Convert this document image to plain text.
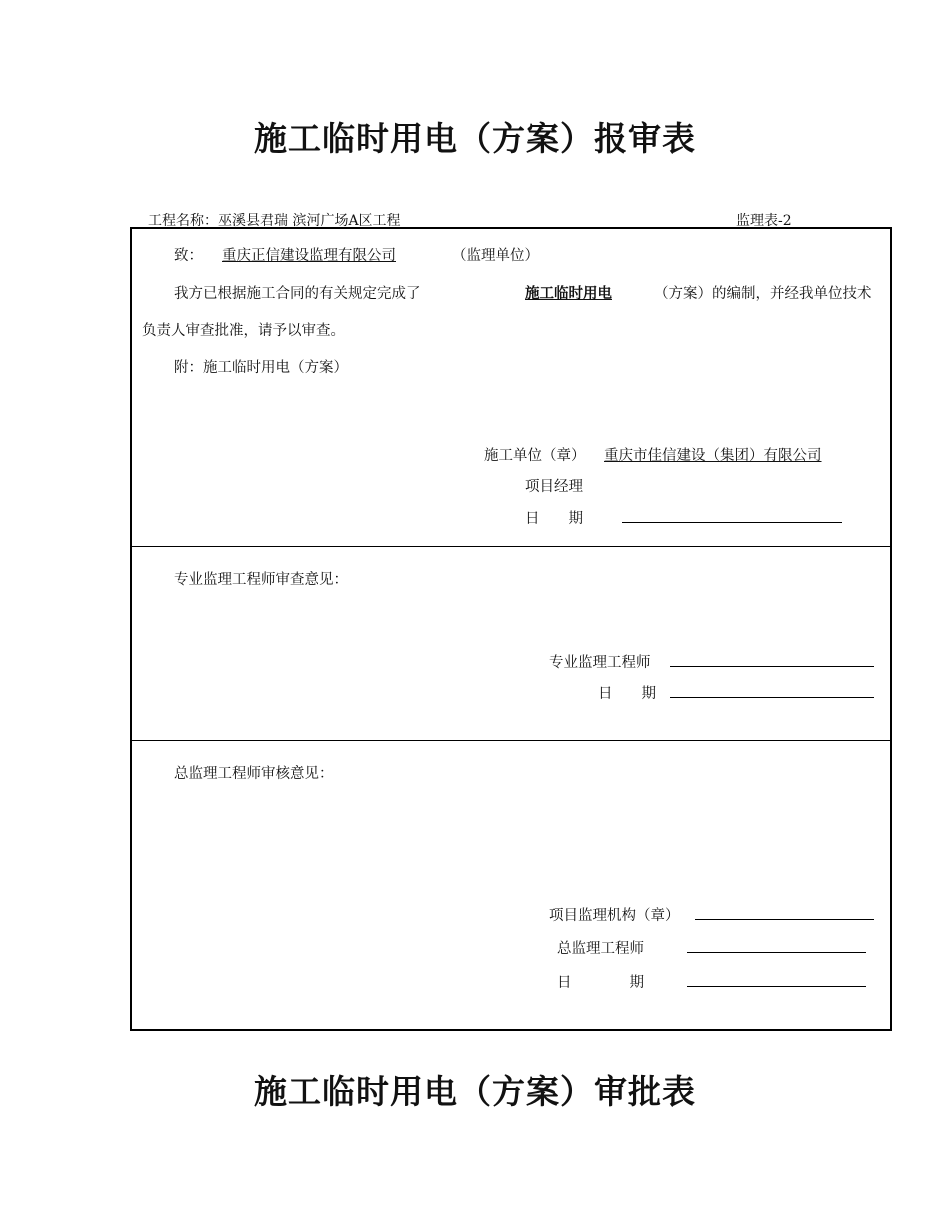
施工临时用电（方案）报审表
工程名称：巫溪县君瑞 滨河广场A区工程	监理表-2
致：	重庆正信建设监理有限公司	（监理单位）
我方已根据施工合同的有关规定完成了	施工临时用电	（方案）的编制，并经我单位技术
负责人审查批准，请予以审查。
附：施工临时用电（方案）
施工单位（章）	重庆市佳信建设（集团）有限公司
项目经理
日　　期
专业监理工程师审查意见：
专业监理工程师
日　　期
总监理工程师审核意见：
项目监理机构（章）
总监理工程师
日　　　　期
施工临时用电（方案）审批表
